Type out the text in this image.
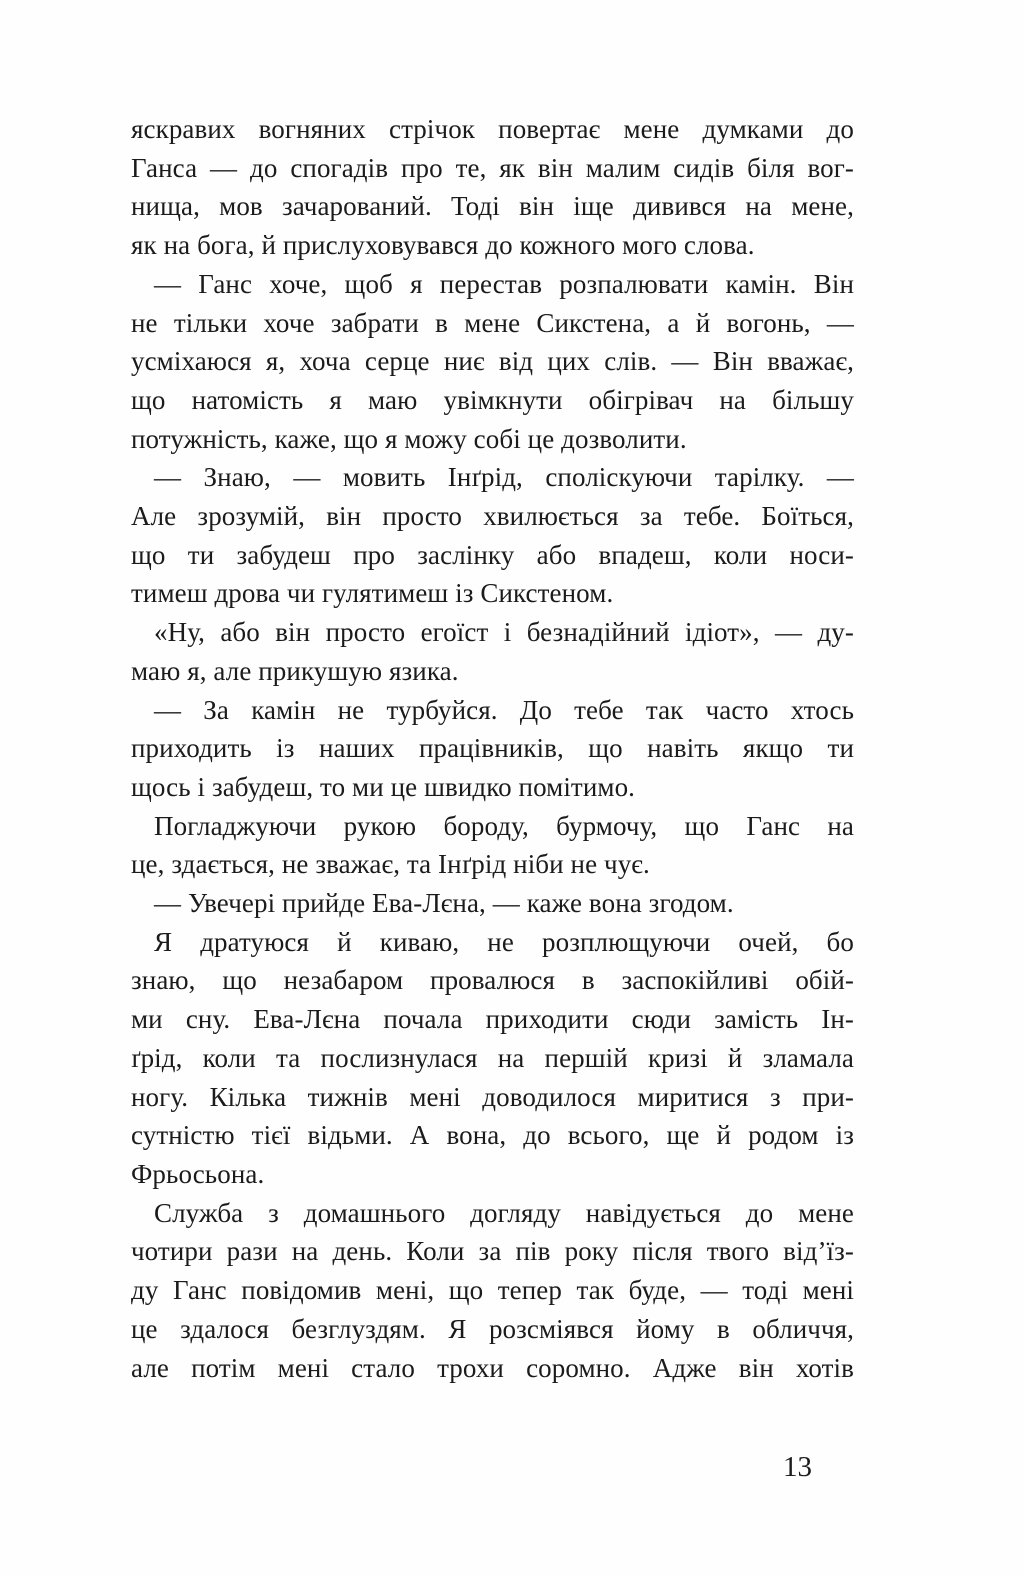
яскравих вогняних стрічок повертає мене думками до
Ганса — до спогадів про те, як він малим сидів біля вог-
нища, мов зачарований. Тоді він іще дивився на мене,
як на бога, й прислуховувався до кожного мого слова.

— Ганс хоче, щоб я перестав розпалювати камін. Він
не тільки хоче забрати в мене Сикстена, а й вогонь, —
усміхаюся я, хоча серце ниє від цих слів. — Він вважає,
що натомість я маю увімкнути обігрівач на більшу
потужність, каже, що я можу собі це дозволити.

— Знаю, — мовить Інґрід, споліскуючи тарілку. —
Але зрозумій, він просто хвилюється за тебе. Боїться,
що ти забудеш про заслінку або впадеш, коли носи-
тимеш дрова чи гулятимеш із Сикстеном.

«Ну, або він просто егоїст і безнадійний ідіот», — ду-
маю я, але прикушую язика.

— За камін не турбуйся. До тебе так часто хтось
приходить із наших працівників, що навіть якщо ти
щось і забудеш, то ми це швидко помітимо.

Погладжуючи рукою бороду, бурмочу, що Ганс на
це, здається, не зважає, та Інґрід ніби не чує.

— Увечері прийде Ева-Лєна, — каже вона згодом.

Я дратуюся й киваю, не розплющуючи очей, бо
знаю, що незабаром провалюся в заспокійливі обій-
ми сну. Ева-Лєна почала приходити сюди замість Ін-
ґрід, коли та послизнулася на першій кризі й зламала
ногу. Кілька тижнів мені доводилося миритися з при-
сутністю тієї відьми. А вона, до всього, ще й родом із
Фрьосьона.

Служба з домашнього догляду навідується до мене
чотири рази на день. Коли за пів року після твого від’їз-
ду Ганс повідомив мені, що тепер так буде, — тоді мені
це здалося безглуздям. Я розсміявся йому в обличчя,
але потім мені стало трохи соромно. Адже він хотів

13
